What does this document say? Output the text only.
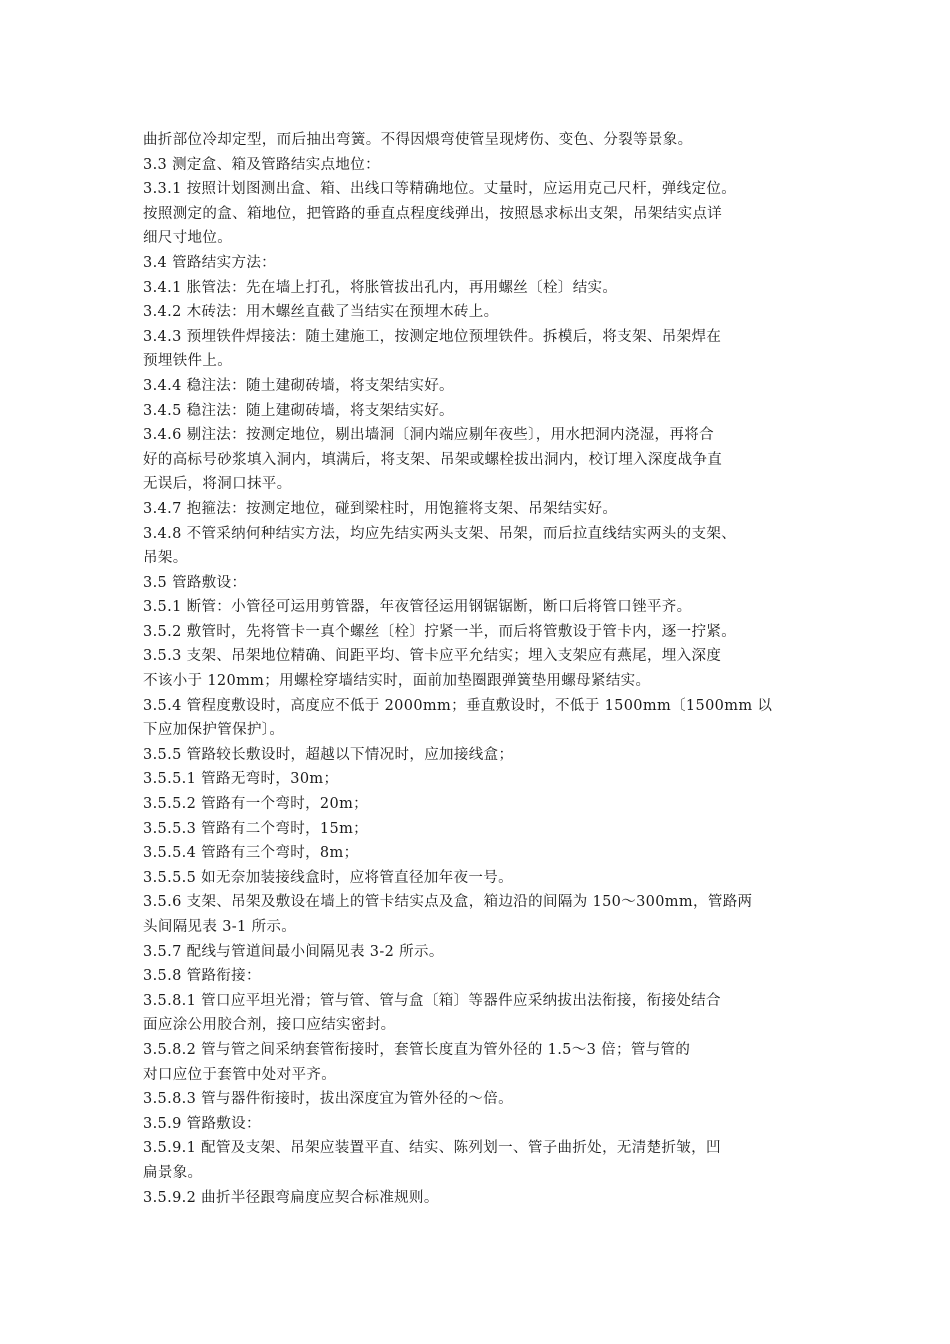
曲折部位冷却定型，而后抽出弯簧。不得因煨弯使管呈现烤伤、变色、分裂等景象。
3.3 测定盒、箱及管路结实点地位：
3.3.1 按照计划图测出盒、箱、出线口等精确地位。丈量时，应运用克己尺杆，弹线定位。
按照测定的盒、箱地位，把管路的垂直点程度线弹出，按照恳求标出支架，吊架结实点详
细尺寸地位。
3.4 管路结实方法：
3.4.1 胀管法：先在墙上打孔，将胀管拔出孔内，再用螺丝〔栓〕结实。
3.4.2 木砖法：用木螺丝直截了当结实在预埋木砖上。
3.4.3 预埋铁件焊接法：随土建施工，按测定地位预埋铁件。拆模后，将支架、吊架焊在
预埋铁件上。
3.4.4 稳注法：随土建砌砖墙，将支架结实好。
3.4.5 稳注法：随上建砌砖墙，将支架结实好。
3.4.6 剔注法：按测定地位，剔出墙洞〔洞内端应剔年夜些〕，用水把洞内浇湿，再将合
好的高标号砂浆填入洞内，填满后，将支架、吊架或螺栓拔出洞内，校订埋入深度战争直
无误后，将洞口抹平。
3.4.7 抱箍法：按测定地位，碰到梁柱时，用饱箍将支架、吊架结实好。
3.4.8 不管采纳何种结实方法，均应先结实两头支架、吊架，而后拉直线结实两头的支架、
吊架。
3.5 管路敷设：
3.5.1 断管：小管径可运用剪管器，年夜管径运用钢锯锯断，断口后将管口锉平齐。
3.5.2 敷管时，先将管卡一真个螺丝〔栓〕拧紧一半，而后将管敷设于管卡内，逐一拧紧。
3.5.3 支架、吊架地位精确、间距平均、管卡应平允结实；埋入支架应有燕尾，埋入深度
不该小于 120mm；用螺栓穿墙结实时，面前加垫圈跟弹簧垫用螺母紧结实。
3.5.4 管程度敷设时，高度应不低于 2000mm；垂直敷设时，不低于 1500mm〔1500mm 以
下应加保护管保护〕。
3.5.5 管路较长敷设时，超越以下情况时，应加接线盒；
3.5.5.1 管路无弯时，30m；
3.5.5.2 管路有一个弯时，20m；
3.5.5.3 管路有二个弯时，15m；
3.5.5.4 管路有三个弯时，8m；
3.5.5.5 如无奈加装接线盒时，应将管直径加年夜一号。
3.5.6 支架、吊架及敷设在墙上的管卡结实点及盒，箱边沿的间隔为 150～300mm，管路两
头间隔见表 3-1 所示。
3.5.7 配线与管道间最小间隔见表 3-2 所示。
3.5.8 管路衔接：
3.5.8.1 管口应平坦光滑；管与管、管与盒〔箱〕等器件应采纳拔出法衔接，衔接处结合
面应涂公用胶合剂，接口应结实密封。
3.5.8.2 管与管之间采纳套管衔接时，套管长度直为管外径的 1.5～3 倍；管与管的
对口应位于套管中处对平齐。
3.5.8.3 管与器件衔接时，拔出深度宜为管外径的～倍。
3.5.9 管路敷设：
3.5.9.1 配管及支架、吊架应装置平直、结实、陈列划一、管子曲折处，无清楚折皱，凹
扁景象。
3.5.9.2 曲折半径跟弯扁度应契合标准规则。
